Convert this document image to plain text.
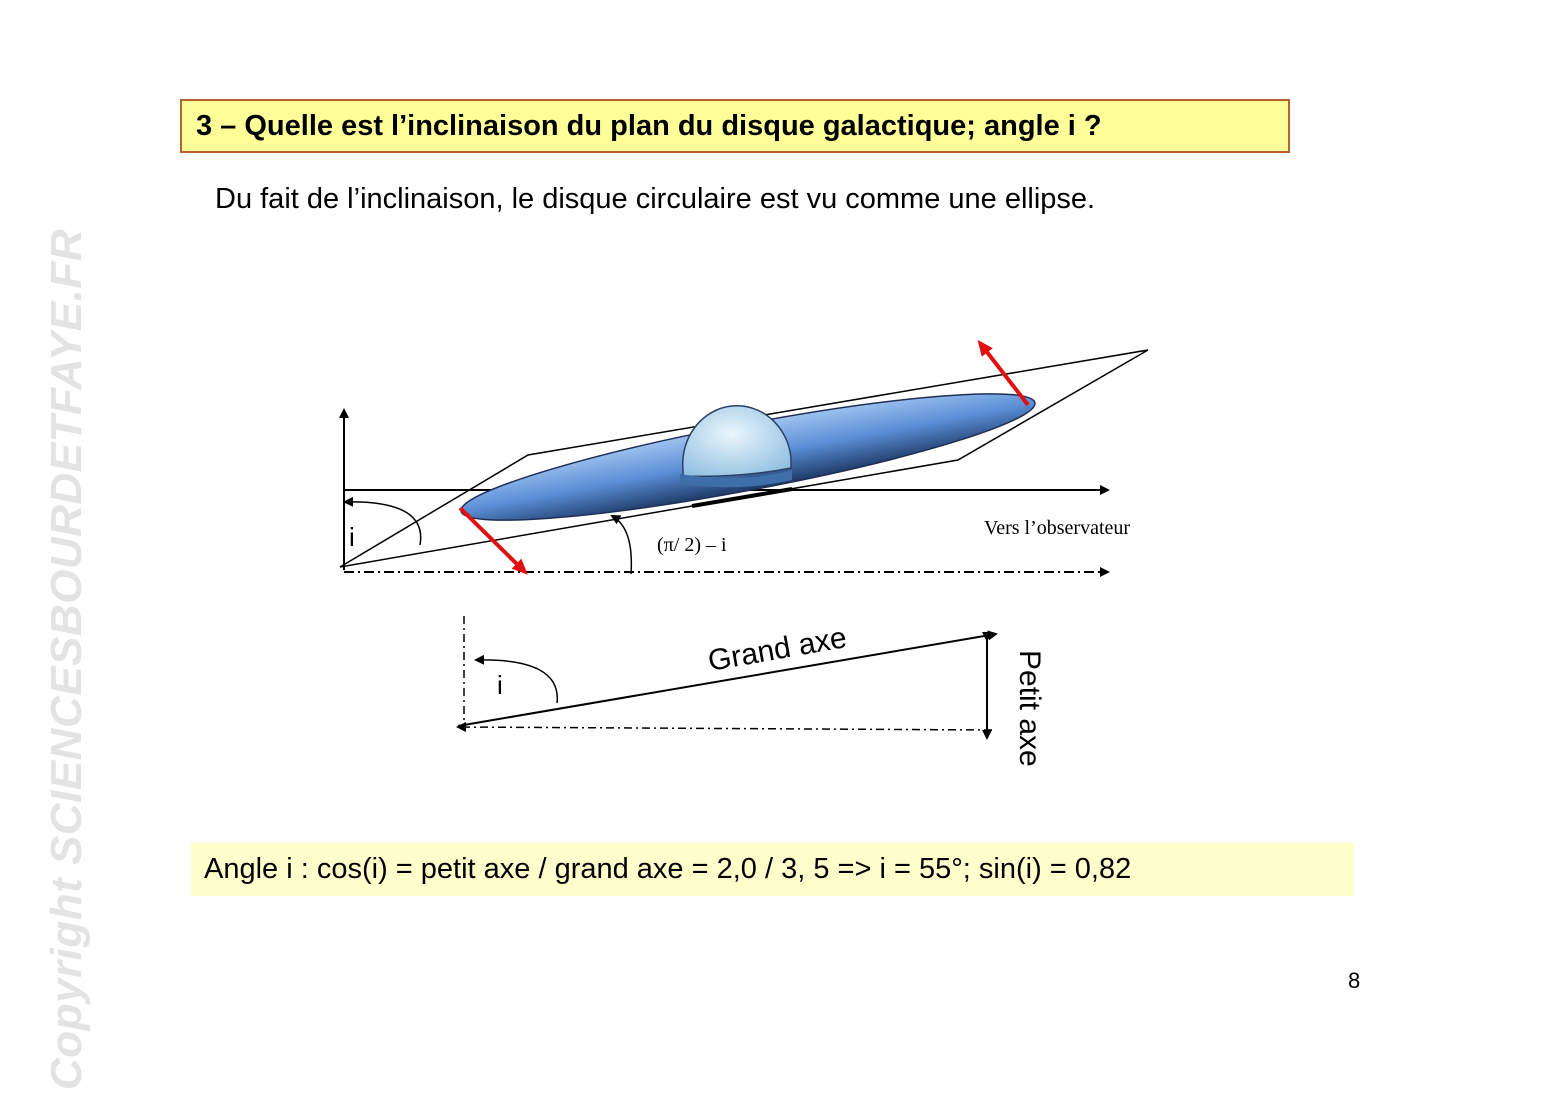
Copyright SCIENCESBOURDETFAYE.FR
3 – Quelle est l’inclinaison du plan du disque galactique; angle i ?
Du fait de l’inclinaison, le disque circulaire est vu comme une ellipse.
i	(π/ 2) – i
Vers l’observateur
i
Grand axe
Petit axe
Angle i : cos(i) = petit axe / grand axe = 2,0 / 3, 5 => i = 55°; sin(i) = 0,82
8
